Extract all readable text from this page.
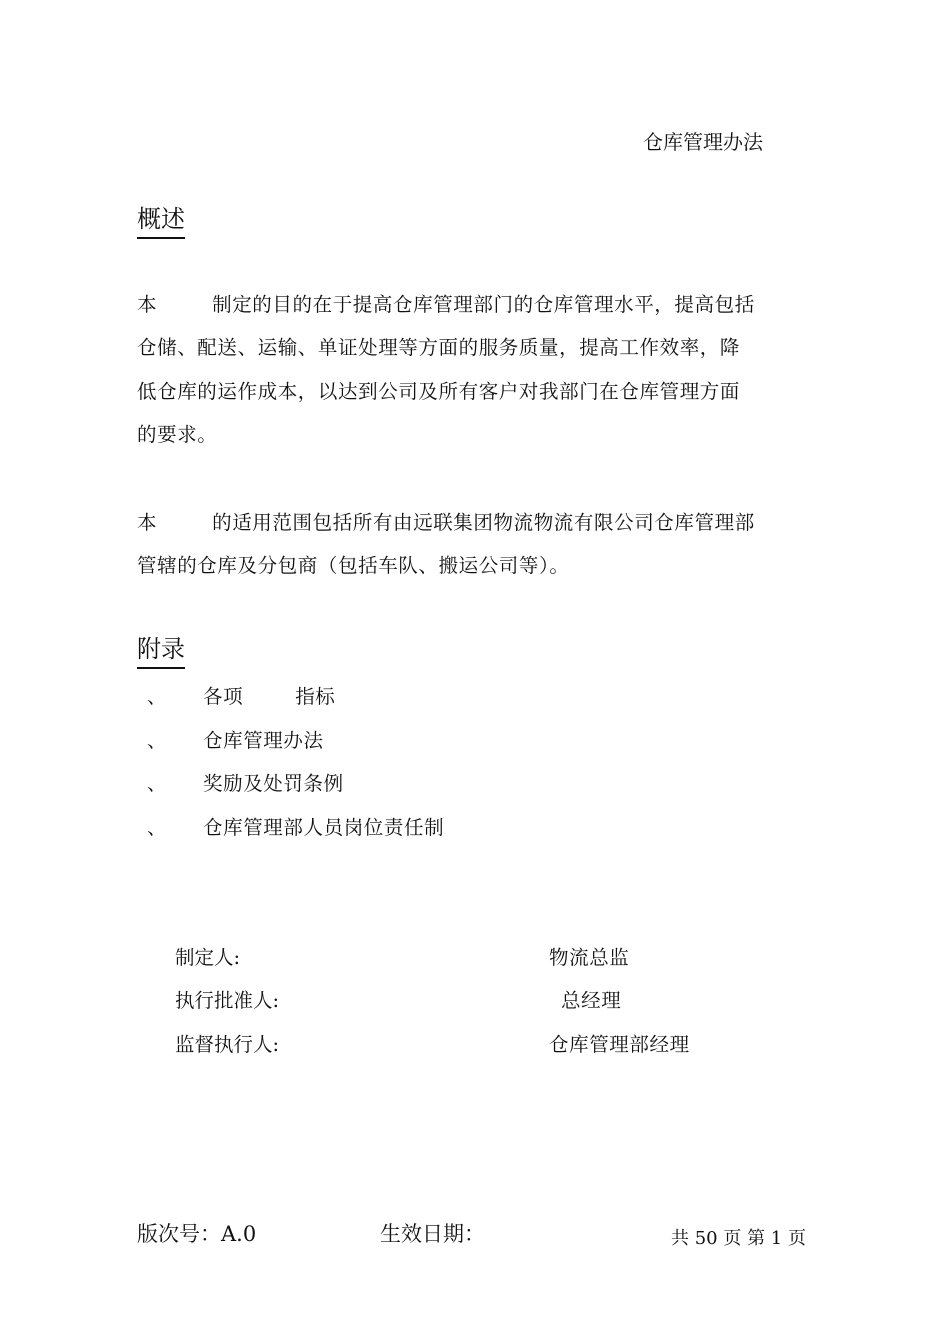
仓库管理办法
概述
本	制定的目的在于提高仓库管理部门的仓库管理水平，提高包括
仓储、配送、运输、单证处理等方面的服务质量，提高工作效率，降
低仓库的运作成本，以达到公司及所有客户对我部门在仓库管理方面
的要求。
本	的适用范围包括所有由远联集团物流物流有限公司仓库管理部
管辖的仓库及分包商（包括车队、搬运公司等）。
附录
、 各项	指标
、 仓库管理办法
、 奖励及处罚条例
、 仓库管理部人员岗位责任制
制定人:	物流总监
执行批准人:	总经理
监督执行人:	仓库管理部经理
版次号：A.0	生效日期：	共 50 页 第 1 页
